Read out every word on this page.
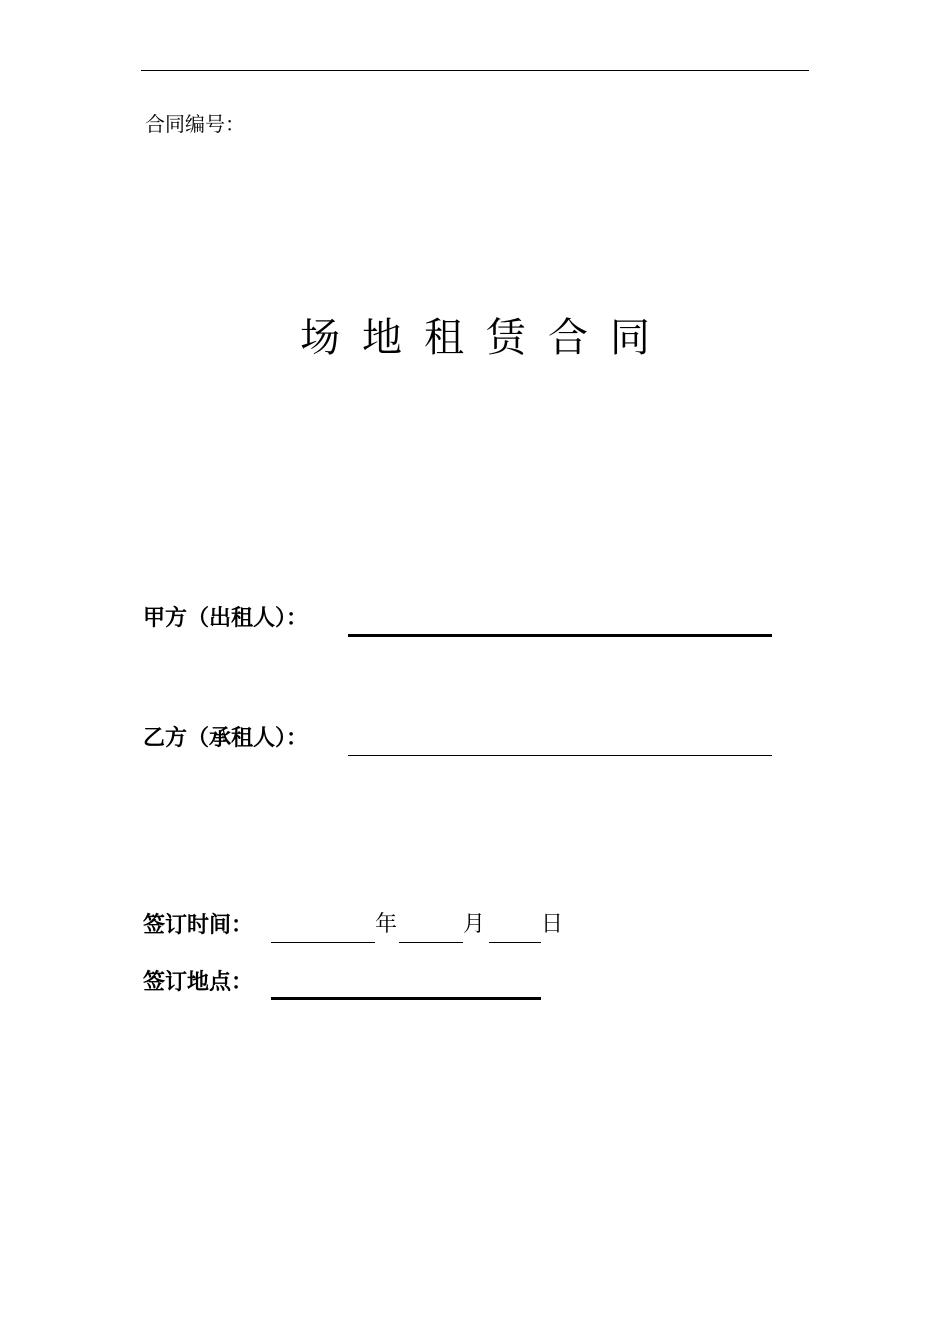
合同编号：
场地租赁合同
甲方（出租人）：
乙方（承租人）：
签订时间：	年	月	日
签订地点：
